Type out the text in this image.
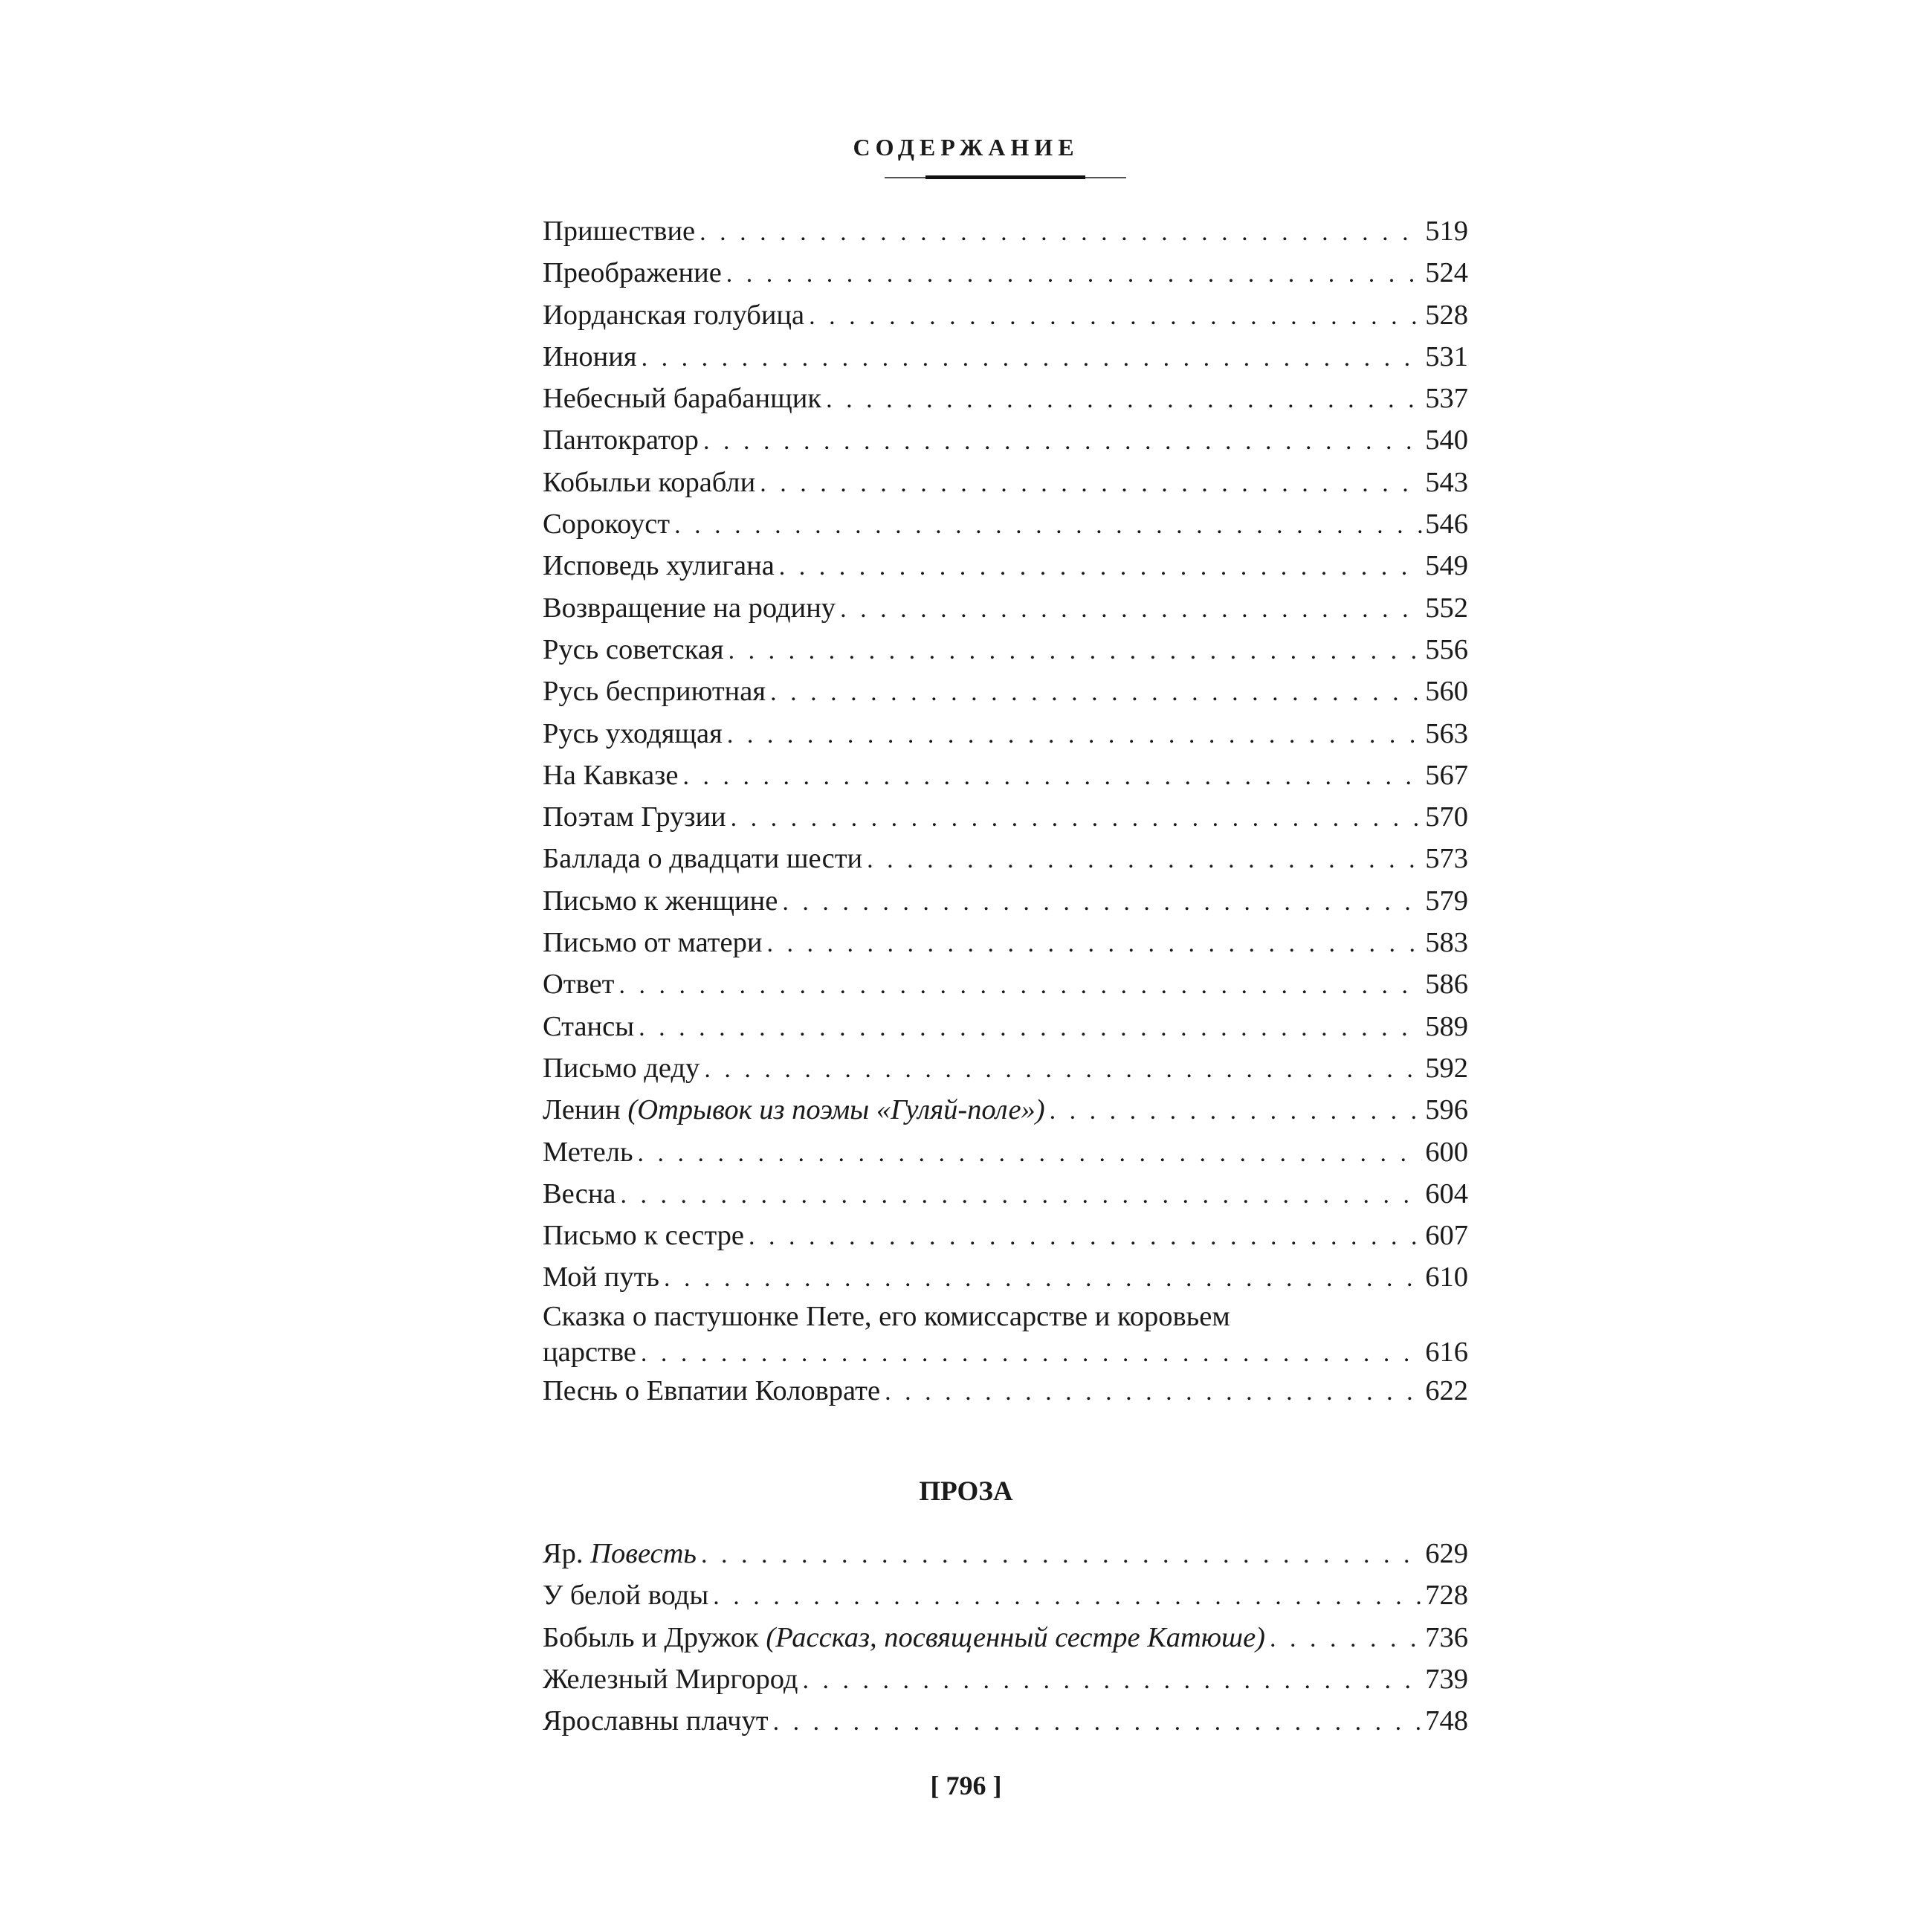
СОДЕРЖАНИЕ
Пришествие . . .	519
Преображение . . .	524
Иорданская голубица . . .	528
Инония . . .	531
Небесный барабанщик . . .	537
Пантократор . . .	540
Кобыльи корабли . . .	543
Сорокоуст . . .	546
Исповедь хулигана . . .	549
Возвращение на родину . . .	552
Русь советская . . .	556
Русь бесприютная . . .	560
Русь уходящая . . .	563
На Кавказе . . .	567
Поэтам Грузии . . .	570
Баллада о двадцати шести . . .	573
Письмо к женщине . . .	579
Письмо от матери . . .	583
Ответ . . .	586
Стансы . . .	589
Письмо деду . . .	592
Ленин (Отрывок из поэмы «Гуляй-поле») . . .	596
Метель . . .	600
Весна . . .	604
Письмо к сестре . . .	607
Мой путь . . .	610
Сказка о пастушонке Пете, его комиссарстве и коровьем
царстве . . .	616
Песнь о Евпатии Коловрате . . .	622
ПРОЗА
Яр. Повесть . . .	629
У белой воды . . .	728
Бобыль и Дружок (Рассказ, посвященный сестре Катюше) . . .	736
Железный Миргород . . .	739
Ярославны плачут . . .	748
[ 796 ]
